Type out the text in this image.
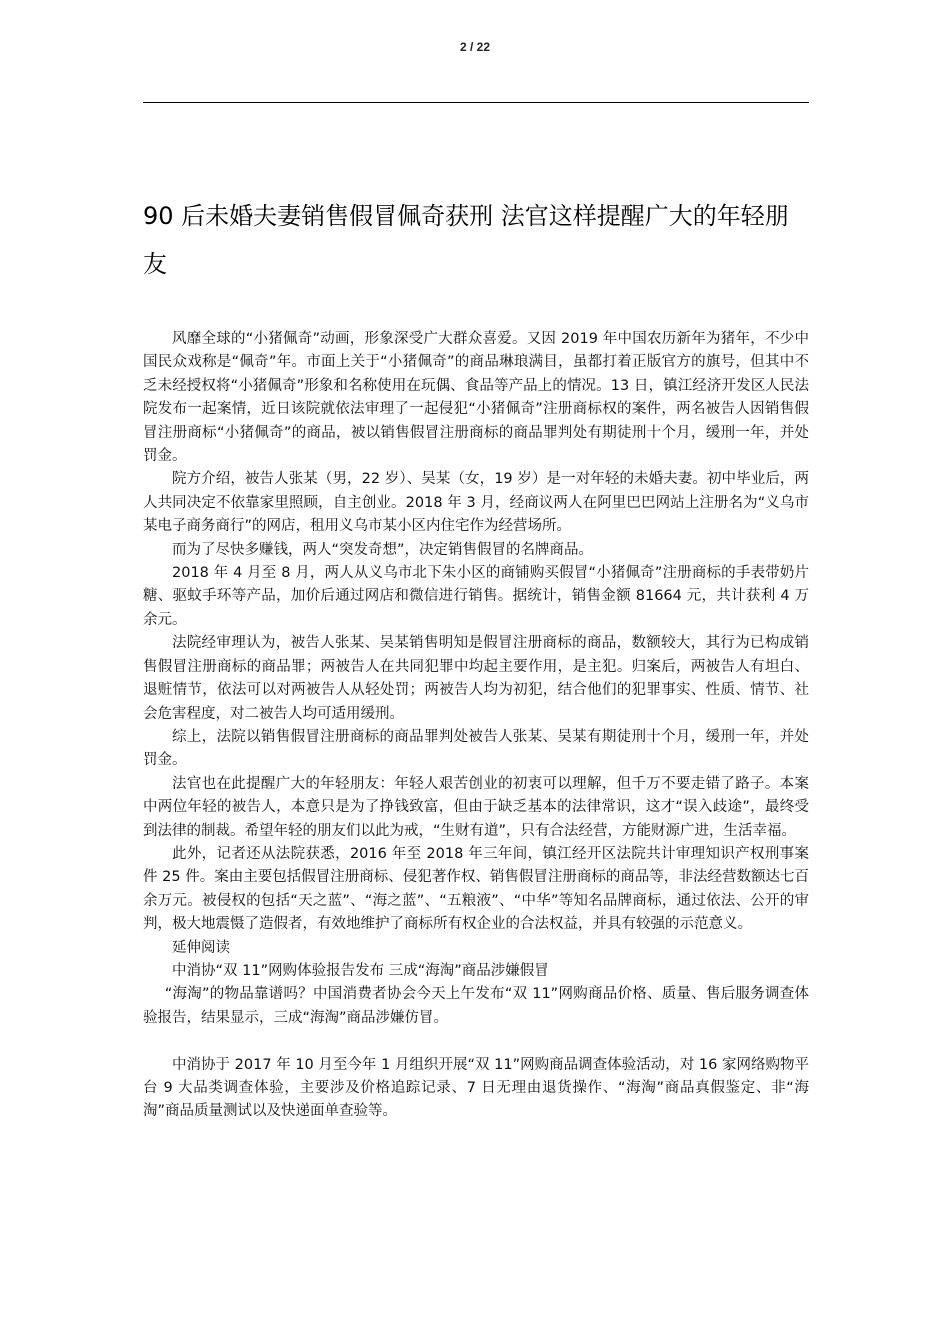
2 / 22
90 后未婚夫妻销售假冒佩奇获刑 法官这样提醒广大的年轻朋友

风靡全球的“小猪佩奇”动画，形象深受广大群众喜爱。又因 2019 年中国农历新年为猪年，不少中国民众戏称是“佩奇”年。市面上关于“小猪佩奇”的商品琳琅满目，虽都打着正版官方的旗号，但其中不乏未经授权将“小猪佩奇”形象和名称使用在玩偶、食品等产品上的情况。13 日，镇江经济开发区人民法院发布一起案情，近日该院就依法审理了一起侵犯“小猪佩奇”注册商标权的案件，两名被告人因销售假冒注册商标“小猪佩奇”的商品，被以销售假冒注册商标的商品罪判处有期徒刑十个月，缓刑一年，并处罚金。

院方介绍，被告人张某（男，22 岁）、吴某（女，19 岁）是一对年轻的未婚夫妻。初中毕业后，两人共同决定不依靠家里照顾，自主创业。2018 年 3 月，经商议两人在阿里巴巴网站上注册名为“义乌市某电子商务商行”的网店，租用义乌市某小区内住宅作为经营场所。

而为了尽快多赚钱，两人“突发奇想”，决定销售假冒的名牌商品。

2018 年 4 月至 8 月，两人从义乌市北下朱小区的商铺购买假冒“小猪佩奇”注册商标的手表带奶片糖、驱蚊手环等产品，加价后通过网店和微信进行销售。据统计，销售金额 81664 元，共计获利 4 万余元。

法院经审理认为，被告人张某、吴某销售明知是假冒注册商标的商品，数额较大，其行为已构成销售假冒注册商标的商品罪；两被告人在共同犯罪中均起主要作用，是主犯。归案后，两被告人有坦白、退赃情节，依法可以对两被告人从轻处罚；两被告人均为初犯，结合他们的犯罪事实、性质、情节、社会危害程度，对二被告人均可适用缓刑。

综上，法院以销售假冒注册商标的商品罪判处被告人张某、吴某有期徒刑十个月，缓刑一年，并处罚金。

法官也在此提醒广大的年轻朋友：年轻人艰苦创业的初衷可以理解，但千万不要走错了路子。本案中两位年轻的被告人，本意只是为了挣钱致富，但由于缺乏基本的法律常识，这才“误入歧途”，最终受到法律的制裁。希望年轻的朋友们以此为戒，“生财有道”，只有合法经营，方能财源广进，生活幸福。

此外，记者还从法院获悉，2016 年至 2018 年三年间，镇江经开区法院共计审理知识产权刑事案件 25 件。案由主要包括假冒注册商标、侵犯著作权、销售假冒注册商标的商品等，非法经营数额达七百余万元。被侵权的包括“天之蓝”、“海之蓝”、“五粮液”、“中华”等知名品牌商标，通过依法、公开的审判，极大地震慑了造假者，有效地维护了商标所有权企业的合法权益，并具有较强的示范意义。

延伸阅读

中消协“双 11”网购体验报告发布 三成“海淘”商品涉嫌假冒

“海淘”的物品靠谱吗？中国消费者协会今天上午发布“双 11”网购商品价格、质量、售后服务调查体验报告，结果显示，三成“海淘”商品涉嫌仿冒。

中消协于 2017 年 10 月至今年 1 月组织开展“双 11”网购商品调查体验活动，对 16 家网络购物平台 9 大品类调查体验，主要涉及价格追踪记录、7 日无理由退货操作、“海淘”商品真假鉴定、非“海淘”商品质量测试以及快递面单查验等。
